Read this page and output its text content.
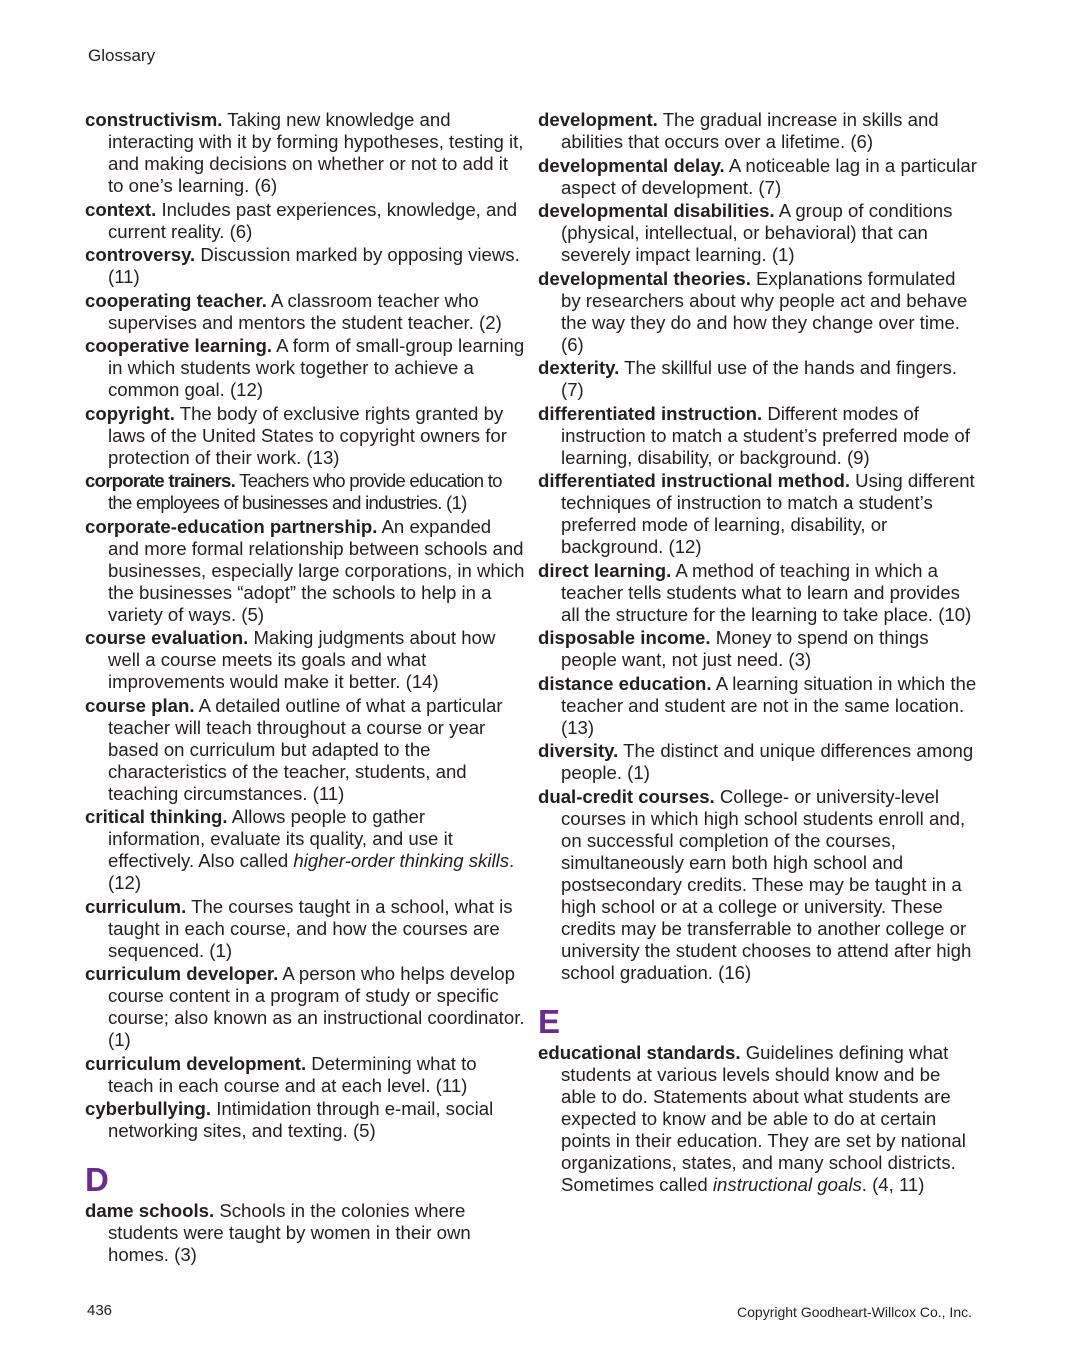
Glossary

constructivism. Taking new knowledge and interacting with it by forming hypotheses, testing it, and making decisions on whether or not to add it to one’s learning. (6)

context. Includes past experiences, knowledge, and current reality. (6)

controversy. Discussion marked by opposing views. (11)

cooperating teacher. A classroom teacher who supervises and mentors the student teacher. (2)

cooperative learning. A form of small-group learning in which students work together to achieve a common goal. (12)

copyright. The body of exclusive rights granted by laws of the United States to copyright owners for protection of their work. (13)

corporate trainers. Teachers who provide education to the employees of businesses and industries. (1)

corporate-education partnership. An expanded and more formal relationship between schools and businesses, especially large corporations, in which the businesses “adopt” the schools to help in a variety of ways. (5)

course evaluation. Making judgments about how well a course meets its goals and what improvements would make it better. (14)

course plan. A detailed outline of what a particular teacher will teach throughout a course or year based on curriculum but adapted to the characteristics of the teacher, students, and teaching circumstances. (11)

critical thinking. Allows people to gather information, evaluate its quality, and use it effectively. Also called higher-order thinking skills. (12)

curriculum. The courses taught in a school, what is taught in each course, and how the courses are sequenced. (1)

curriculum developer. A person who helps develop course content in a program of study or specific course; also known as an instructional coordinator. (1)

curriculum development. Determining what to teach in each course and at each level. (11)

cyberbullying. Intimidation through e-mail, social networking sites, and texting. (5)

D

dame schools. Schools in the colonies where students were taught by women in their own homes. (3)

development. The gradual increase in skills and abilities that occurs over a lifetime. (6)

developmental delay. A noticeable lag in a particular aspect of development. (7)

developmental disabilities. A group of conditions (physical, intellectual, or behavioral) that can severely impact learning. (1)

developmental theories. Explanations formulated by researchers about why people act and behave the way they do and how they change over time. (6)

dexterity. The skillful use of the hands and fingers. (7)

differentiated instruction. Different modes of instruction to match a student’s preferred mode of learning, disability, or background. (9)

differentiated instructional method. Using different techniques of instruction to match a student’s preferred mode of learning, disability, or background. (12)

direct learning. A method of teaching in which a teacher tells students what to learn and provides all the structure for the learning to take place. (10)

disposable income. Money to spend on things people want, not just need. (3)

distance education. A learning situation in which the teacher and student are not in the same location. (13)

diversity. The distinct and unique differences among people. (1)

dual-credit courses. College- or university-level courses in which high school students enroll and, on successful completion of the courses, simultaneously earn both high school and postsecondary credits. These may be taught in a high school or at a college or university. These credits may be transferrable to another college or university the student chooses to attend after high school graduation. (16)

E

educational standards. Guidelines defining what students at various levels should know and be able to do. Statements about what students are expected to know and be able to do at certain points in their education. They are set by national organizations, states, and many school districts. Sometimes called instructional goals. (4, 11)

436	Copyright Goodheart-Willcox Co., Inc.
